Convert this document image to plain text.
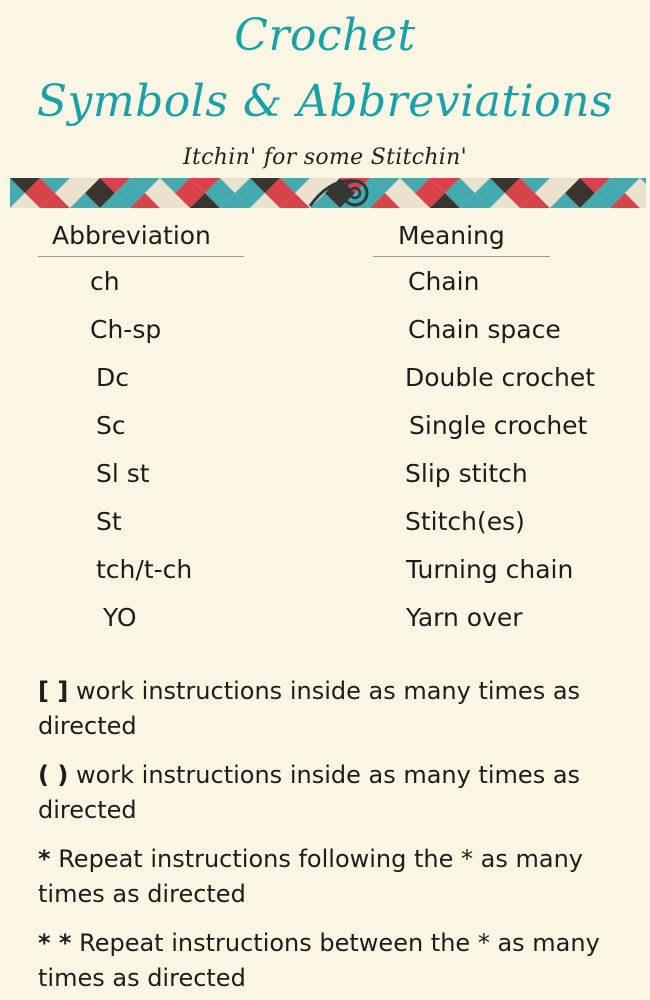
Crochet
Symbols & Abbreviations
Itchin' for some Stitchin'
Abbreviation	Meaning
ch	Chain
Ch-sp	Chain space
Dc	Double crochet
Sc	Single crochet
Sl st	Slip stitch
St	Stitch(es)
tch/t-ch	Turning chain
YO	Yarn over
[ ] work instructions inside as many times as directed
( ) work instructions inside as many times as directed
* Repeat instructions following the * as many times as directed
* * Repeat instructions between the * as many times as directed
